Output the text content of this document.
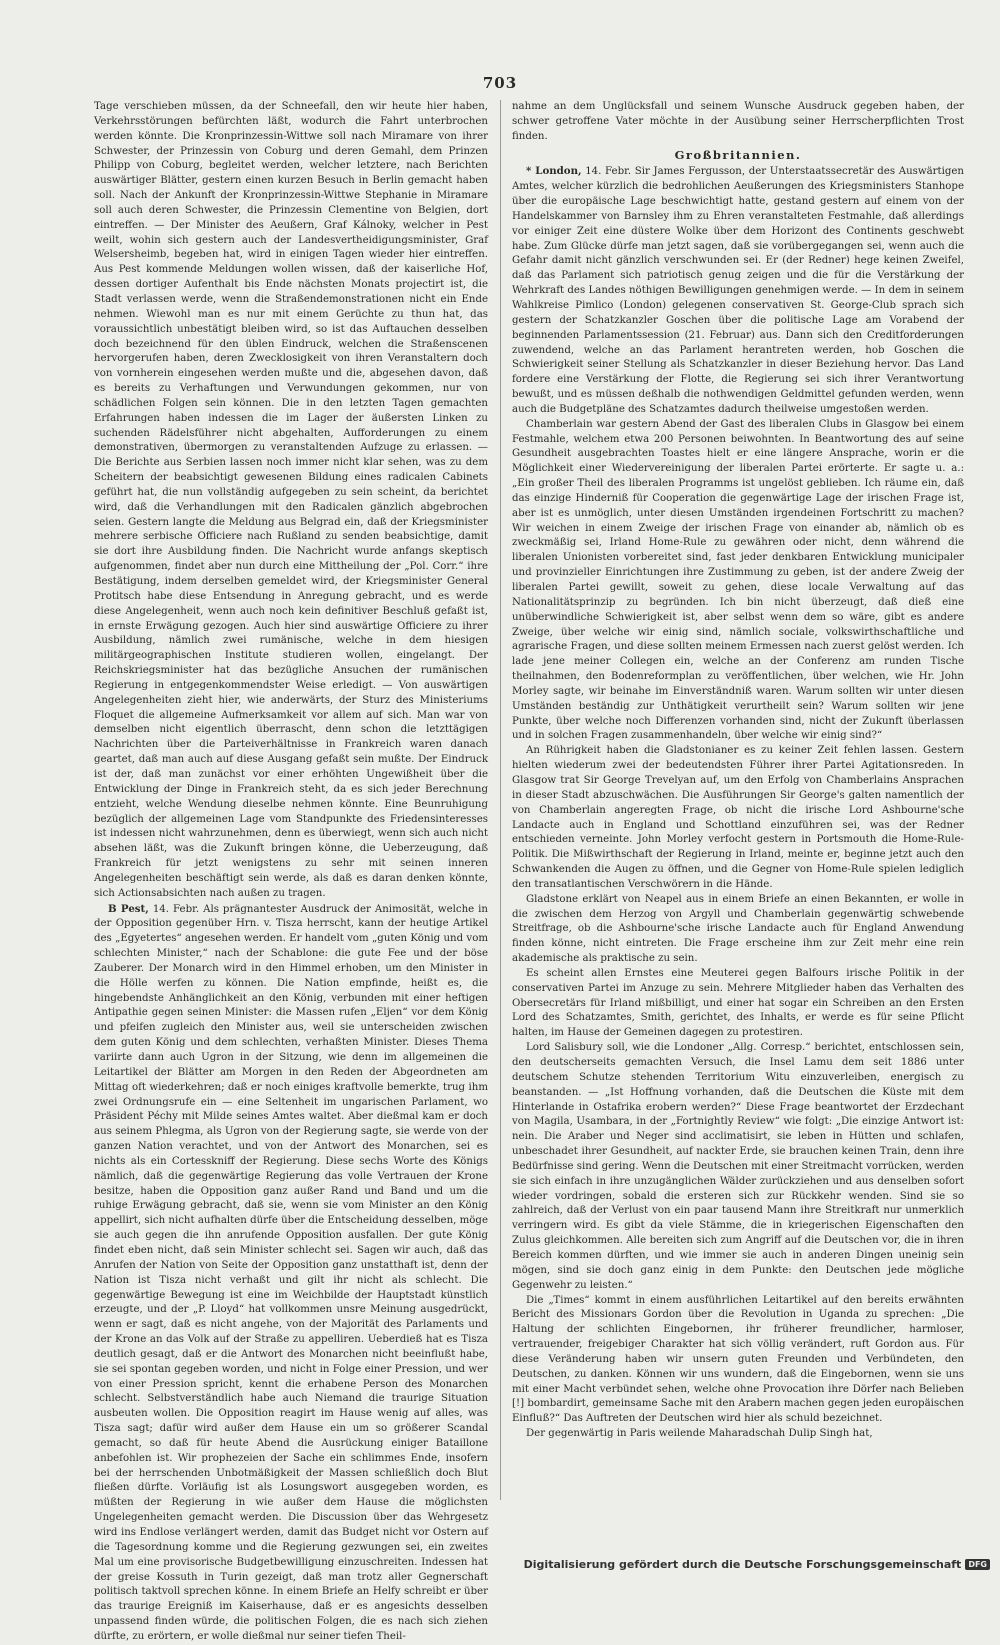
703

Tage verschieben müssen, da der Schneefall, den wir heute hier haben, Verkehrsstörungen befürchten läßt, wodurch die Fahrt unterbrochen werden könnte. Die Kronprinzessin-Wittwe soll nach Miramare von ihrer Schwester, der Prinzessin von Coburg und deren Gemahl, dem Prinzen Philipp von Coburg, begleitet werden, welcher letztere, nach Berichten auswärtiger Blätter, gestern einen kurzen Besuch in Berlin gemacht haben soll. Nach der Ankunft der Kronprinzessin-Wittwe Stephanie in Miramare soll auch deren Schwester, die Prinzessin Clementine von Belgien, dort eintreffen. — Der Minister des Aeußern, Graf Kálnoky, welcher in Pest weilt, wohin sich gestern auch der Landesvertheidigungsminister, Graf Welsersheimb, begeben hat, wird in einigen Tagen wieder hier eintreffen. Aus Pest kommende Meldungen wollen wissen, daß der kaiserliche Hof, dessen dortiger Aufenthalt bis Ende nächsten Monats projectirt ist, die Stadt verlassen werde, wenn die Straßendemonstrationen nicht ein Ende nehmen. Wiewohl man es nur mit einem Gerüchte zu thun hat, das voraussichtlich unbestätigt bleiben wird, so ist das Auftauchen desselben doch bezeichnend für den üblen Eindruck, welchen die Straßenscenen hervorgerufen haben, deren Zwecklosigkeit von ihren Veranstaltern doch von vornherein eingesehen werden mußte und die, abgesehen davon, daß es bereits zu Verhaftungen und Verwundungen gekommen, nur von schädlichen Folgen sein können. Die in den letzten Tagen gemachten Erfahrungen haben indessen die im Lager der äußersten Linken zu suchenden Rädelsführer nicht abgehalten, Aufforderungen zu einem demonstrativen, übermorgen zu veranstaltenden Aufzuge zu erlassen. — Die Berichte aus Serbien lassen noch immer nicht klar sehen, was zu dem Scheitern der beabsichtigt gewesenen Bildung eines radicalen Cabinets geführt hat, die nun vollständig aufgegeben zu sein scheint, da berichtet wird, daß die Verhandlungen mit den Radicalen gänzlich abgebrochen seien. Gestern langte die Meldung aus Belgrad ein, daß der Kriegsminister mehrere serbische Officiere nach Rußland zu senden beabsichtige, damit sie dort ihre Ausbildung finden. Die Nachricht wurde anfangs skeptisch aufgenommen, findet aber nun durch eine Mittheilung der „Pol. Corr.“ ihre Bestätigung, indem derselben gemeldet wird, der Kriegsminister General Protitsch habe diese Entsendung in Anregung gebracht, und es werde diese Angelegenheit, wenn auch noch kein definitiver Beschluß gefaßt ist, in ernste Erwägung gezogen. Auch hier sind auswärtige Officiere zu ihrer Ausbildung, nämlich zwei rumänische, welche in dem hiesigen militärgeographischen Institute studieren wollen, eingelangt. Der Reichskriegsminister hat das bezügliche Ansuchen der rumänischen Regierung in entgegenkommendster Weise erledigt. — Von auswärtigen Angelegenheiten zieht hier, wie anderwärts, der Sturz des Ministeriums Floquet die allgemeine Aufmerksamkeit vor allem auf sich. Man war von demselben nicht eigentlich überrascht, denn schon die letzttägigen Nachrichten über die Parteiverhältnisse in Frankreich waren danach geartet, daß man auch auf diese Ausgang gefaßt sein mußte. Der Eindruck ist der, daß man zunächst vor einer erhöhten Ungewißheit über die Entwicklung der Dinge in Frankreich steht, da es sich jeder Berechnung entzieht, welche Wendung dieselbe nehmen könnte. Eine Beunruhigung bezüglich der allgemeinen Lage vom Standpunkte des Friedensinteresses ist indessen nicht wahrzunehmen, denn es überwiegt, wenn sich auch nicht absehen läßt, was die Zukunft bringen könne, die Ueberzeugung, daß Frankreich für jetzt wenigstens zu sehr mit seinen inneren Angelegenheiten beschäftigt sein werde, als daß es daran denken könnte, sich Actionsabsichten nach außen zu tragen.

B Pest, 14. Febr. Als prägnantester Ausdruck der Animosität, welche in der Opposition gegenüber Hrn. v. Tisza herrscht, kann der heutige Artikel des „Egyetertes“ angesehen werden. Er handelt vom „guten König und vom schlechten Minister,“ nach der Schablone: die gute Fee und der böse Zauberer. Der Monarch wird in den Himmel erhoben, um den Minister in die Hölle werfen zu können. Die Nation empfinde, heißt es, die hingebendste Anhänglichkeit an den König, verbunden mit einer heftigen Antipathie gegen seinen Minister: die Massen rufen „Eljen“ vor dem König und pfeifen zugleich den Minister aus, weil sie unterscheiden zwischen dem guten König und dem schlechten, verhaßten Minister. Dieses Thema variirte dann auch Ugron in der Sitzung, wie denn im allgemeinen die Leitartikel der Blätter am Morgen in den Reden der Abgeordneten am Mittag oft wiederkehren; daß er noch einiges kraftvolle bemerkte, trug ihm zwei Ordnungsrufe ein — eine Seltenheit im ungarischen Parlament, wo Präsident Péchy mit Milde seines Amtes waltet. Aber dießmal kam er doch aus seinem Phlegma, als Ugron von der Regierung sagte, sie werde von der ganzen Nation verachtet, und von der Antwort des Monarchen, sei es nichts als ein Cortesskniff der Regierung. Diese sechs Worte des Königs nämlich, daß die gegenwärtige Regierung das volle Vertrauen der Krone besitze, haben die Opposition ganz außer Rand und Band und um die ruhige Erwägung gebracht, daß sie, wenn sie vom Minister an den König appellirt, sich nicht aufhalten dürfe über die Entscheidung desselben, möge sie auch gegen die ihn anrufende Opposition ausfallen. Der gute König findet eben nicht, daß sein Minister schlecht sei. Sagen wir auch, daß das Anrufen der Nation von Seite der Opposition ganz unstatthaft ist, denn der Nation ist Tisza nicht verhaßt und gilt ihr nicht als schlecht. Die gegenwärtige Bewegung ist eine im Weichbilde der Hauptstadt künstlich erzeugte, und der „P. Lloyd“ hat vollkommen unsre Meinung ausgedrückt, wenn er sagt, daß es nicht angehe, von der Majorität des Parlaments und der Krone an das Volk auf der Straße zu appelliren. Ueberdieß hat es Tisza deutlich gesagt, daß er die Antwort des Monarchen nicht beeinflußt habe, sie sei spontan gegeben worden, und nicht in Folge einer Pression, und wer von einer Pression spricht, kennt die erhabene Person des Monarchen schlecht. Selbstverständlich habe auch Niemand die traurige Situation ausbeuten wollen. Die Opposition reagirt im Hause wenig auf alles, was Tisza sagt; dafür wird außer dem Hause ein um so größerer Scandal gemacht, so daß für heute Abend die Ausrückung einiger Bataillone anbefohlen ist. Wir prophezeien der Sache ein schlimmes Ende, insofern bei der herrschenden Unbotmäßigkeit der Massen schließlich doch Blut fließen dürfte. Vorläufig ist als Losungswort ausgegeben worden, es müßten der Regierung in wie außer dem Hause die möglichsten Ungelegenheiten gemacht werden. Die Discussion über das Wehrgesetz wird ins Endlose verlängert werden, damit das Budget nicht vor Ostern auf die Tagesordnung komme und die Regierung gezwungen sei, ein zweites Mal um eine provisorische Budgetbewilligung einzuschreiten. Indessen hat der greise Kossuth in Turin gezeigt, daß man trotz aller Gegnerschaft politisch taktvoll sprechen könne. In einem Briefe an Helfy schreibt er über das traurige Ereigniß im Kaiserhause, daß er es angesichts desselben unpassend finden würde, die politischen Folgen, die es nach sich ziehen dürfte, zu erörtern, er wolle dießmal nur seiner tiefen Theil-

nahme an dem Unglücksfall und seinem Wunsche Ausdruck gegeben haben, der schwer getroffene Vater möchte in der Ausübung seiner Herrscherpflichten Trost finden.

Großbritannien.

* London, 14. Febr. Sir James Fergusson, der Unterstaatssecretär des Auswärtigen Amtes, welcher kürzlich die bedrohlichen Aeußerungen des Kriegsministers Stanhope über die europäische Lage beschwichtigt hatte, gestand gestern auf einem von der Handelskammer von Barnsley ihm zu Ehren veranstalteten Festmahle, daß allerdings vor einiger Zeit eine düstere Wolke über dem Horizont des Continents geschwebt habe. Zum Glücke dürfe man jetzt sagen, daß sie vorübergegangen sei, wenn auch die Gefahr damit nicht gänzlich verschwunden sei. Er (der Redner) hege keinen Zweifel, daß das Parlament sich patriotisch genug zeigen und die für die Verstärkung der Wehrkraft des Landes nöthigen Bewilligungen genehmigen werde. — In dem in seinem Wahlkreise Pimlico (London) gelegenen conservativen St. George-Club sprach sich gestern der Schatzkanzler Goschen über die politische Lage am Vorabend der beginnenden Parlamentssession (21. Februar) aus. Dann sich den Creditforderungen zuwendend, welche an das Parlament herantreten werden, hob Goschen die Schwierigkeit seiner Stellung als Schatzkanzler in dieser Beziehung hervor. Das Land fordere eine Verstärkung der Flotte, die Regierung sei sich ihrer Verantwortung bewußt, und es müssen deßhalb die nothwendigen Geldmittel gefunden werden, wenn auch die Budgetpläne des Schatzamtes dadurch theilweise umgestoßen werden.

Chamberlain war gestern Abend der Gast des liberalen Clubs in Glasgow bei einem Festmahle, welchem etwa 200 Personen beiwohnten. In Beantwortung des auf seine Gesundheit ausgebrachten Toastes hielt er eine längere Ansprache, worin er die Möglichkeit einer Wiedervereinigung der liberalen Partei erörterte. Er sagte u. a.: „Ein großer Theil des liberalen Programms ist ungelöst geblieben. Ich räume ein, daß das einzige Hinderniß für Cooperation die gegenwärtige Lage der irischen Frage ist, aber ist es unmöglich, unter diesen Umständen irgendeinen Fortschritt zu machen? Wir weichen in einem Zweige der irischen Frage von einander ab, nämlich ob es zweckmäßig sei, Irland Home-Rule zu gewähren oder nicht, denn während die liberalen Unionisten vorbereitet sind, fast jeder denkbaren Entwicklung municipaler und provinzieller Einrichtungen ihre Zustimmung zu geben, ist der andere Zweig der liberalen Partei gewillt, soweit zu gehen, diese locale Verwaltung auf das Nationalitätsprinzip zu begründen. Ich bin nicht überzeugt, daß dieß eine unüberwindliche Schwierigkeit ist, aber selbst wenn dem so wäre, gibt es andere Zweige, über welche wir einig sind, nämlich sociale, volkswirthschaftliche und agrarische Fragen, und diese sollten meinem Ermessen nach zuerst gelöst werden. Ich lade jene meiner Collegen ein, welche an der Conferenz am runden Tische theilnahmen, den Bodenreformplan zu veröffentlichen, über welchen, wie Hr. John Morley sagte, wir beinahe im Einverständniß waren. Warum sollten wir unter diesen Umständen beständig zur Unthätigkeit verurtheilt sein? Warum sollten wir jene Punkte, über welche noch Differenzen vorhanden sind, nicht der Zukunft überlassen und in solchen Fragen zusammenhandeln, über welche wir einig sind?“

An Rührigkeit haben die Gladstonianer es zu keiner Zeit fehlen lassen. Gestern hielten wiederum zwei der bedeutendsten Führer ihrer Partei Agitationsreden. In Glasgow trat Sir George Trevelyan auf, um den Erfolg von Chamberlains Ansprachen in dieser Stadt abzuschwächen. Die Ausführungen Sir George's galten namentlich der von Chamberlain angeregten Frage, ob nicht die irische Lord Ashbourne'sche Landacte auch in England und Schottland einzuführen sei, was der Redner entschieden verneinte. John Morley verfocht gestern in Portsmouth die Home-Rule-Politik. Die Mißwirthschaft der Regierung in Irland, meinte er, beginne jetzt auch den Schwankenden die Augen zu öffnen, und die Gegner von Home-Rule spielen lediglich den transatlantischen Verschwörern in die Hände.

Gladstone erklärt von Neapel aus in einem Briefe an einen Bekannten, er wolle in die zwischen dem Herzog von Argyll und Chamberlain gegenwärtig schwebende Streitfrage, ob die Ashbourne'sche irische Landacte auch für England Anwendung finden könne, nicht eintreten. Die Frage erscheine ihm zur Zeit mehr eine rein akademische als praktische zu sein.

Es scheint allen Ernstes eine Meuterei gegen Balfours irische Politik in der conservativen Partei im Anzuge zu sein. Mehrere Mitglieder haben das Verhalten des Obersecretärs für Irland mißbilligt, und einer hat sogar ein Schreiben an den Ersten Lord des Schatzamtes, Smith, gerichtet, des Inhalts, er werde es für seine Pflicht halten, im Hause der Gemeinen dagegen zu protestiren.

Lord Salisbury soll, wie die Londoner „Allg. Corresp.“ berichtet, entschlossen sein, den deutscherseits gemachten Versuch, die Insel Lamu dem seit 1886 unter deutschem Schutze stehenden Territorium Witu einzuverleiben, energisch zu beanstanden. — „Ist Hoffnung vorhanden, daß die Deutschen die Küste mit dem Hinterlande in Ostafrika erobern werden?“ Diese Frage beantwortet der Erzdechant von Magila, Usambara, in der „Fortnightly Review“ wie folgt: „Die einzige Antwort ist: nein. Die Araber und Neger sind acclimatisirt, sie leben in Hütten und schlafen, unbeschadet ihrer Gesundheit, auf nackter Erde, sie brauchen keinen Train, denn ihre Bedürfnisse sind gering. Wenn die Deutschen mit einer Streitmacht vorrücken, werden sie sich einfach in ihre unzugänglichen Wälder zurückziehen und aus denselben sofort wieder vordringen, sobald die ersteren sich zur Rückkehr wenden. Sind sie so zahlreich, daß der Verlust von ein paar tausend Mann ihre Streitkraft nur unmerklich verringern wird. Es gibt da viele Stämme, die in kriegerischen Eigenschaften den Zulus gleichkommen. Alle bereiten sich zum Angriff auf die Deutschen vor, die in ihren Bereich kommen dürften, und wie immer sie auch in anderen Dingen uneinig sein mögen, sind sie doch ganz einig in dem Punkte: den Deutschen jede mögliche Gegenwehr zu leisten.“

Die „Times“ kommt in einem ausführlichen Leitartikel auf den bereits erwähnten Bericht des Missionars Gordon über die Revolution in Uganda zu sprechen: „Die Haltung der schlichten Eingebornen, ihr früherer freundlicher, harmloser, vertrauender, freigebiger Charakter hat sich völlig verändert, ruft Gordon aus. Für diese Veränderung haben wir unsern guten Freunden und Verbündeten, den Deutschen, zu danken. Können wir uns wundern, daß die Eingebornen, wenn sie uns mit einer Macht verbündet sehen, welche ohne Provocation ihre Dörfer nach Belieben [!] bombardirt, gemeinsame Sache mit den Arabern machen gegen jeden europäischen Einfluß?“ Das Auftreten der Deutschen wird hier als schuld bezeichnet.

Der gegenwärtig in Paris weilende Maharadschah Dulip Singh hat,

Digitalisierung gefördert durch die Deutsche Forschungsgemeinschaft DFG
